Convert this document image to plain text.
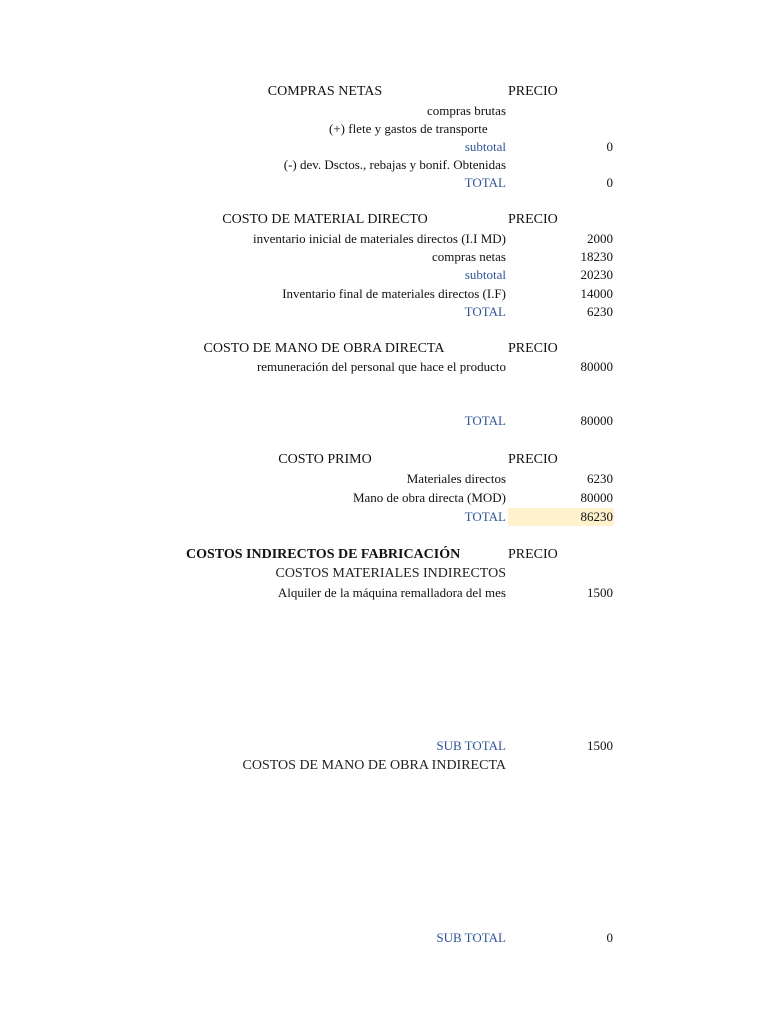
COMPRAS NETAS	PRECIO
compras brutas
(+) flete y gastos de transporte
subtotal	0
(-) dev. Dsctos., rebajas y bonif. Obtenidas
TOTAL	0
COSTO DE MATERIAL DIRECTO	PRECIO
inventario inicial de materiales directos (I.I MD)	2000
compras netas	18230
subtotal	20230
Inventario final de materiales directos (I.F)	14000
TOTAL	6230
COSTO DE MANO DE OBRA DIRECTA	PRECIO
remuneración del personal que hace el producto	80000
TOTAL	80000
COSTO PRIMO	PRECIO
Materiales directos	6230
Mano de obra directa (MOD)	80000
TOTAL	86230
COSTOS INDIRECTOS DE FABRICACIÓN	PRECIO
COSTOS MATERIALES INDIRECTOS
Alquiler de la máquina remalladora del mes	1500
SUB TOTAL	1500
COSTOS DE MANO DE OBRA INDIRECTA
SUB TOTAL	0
